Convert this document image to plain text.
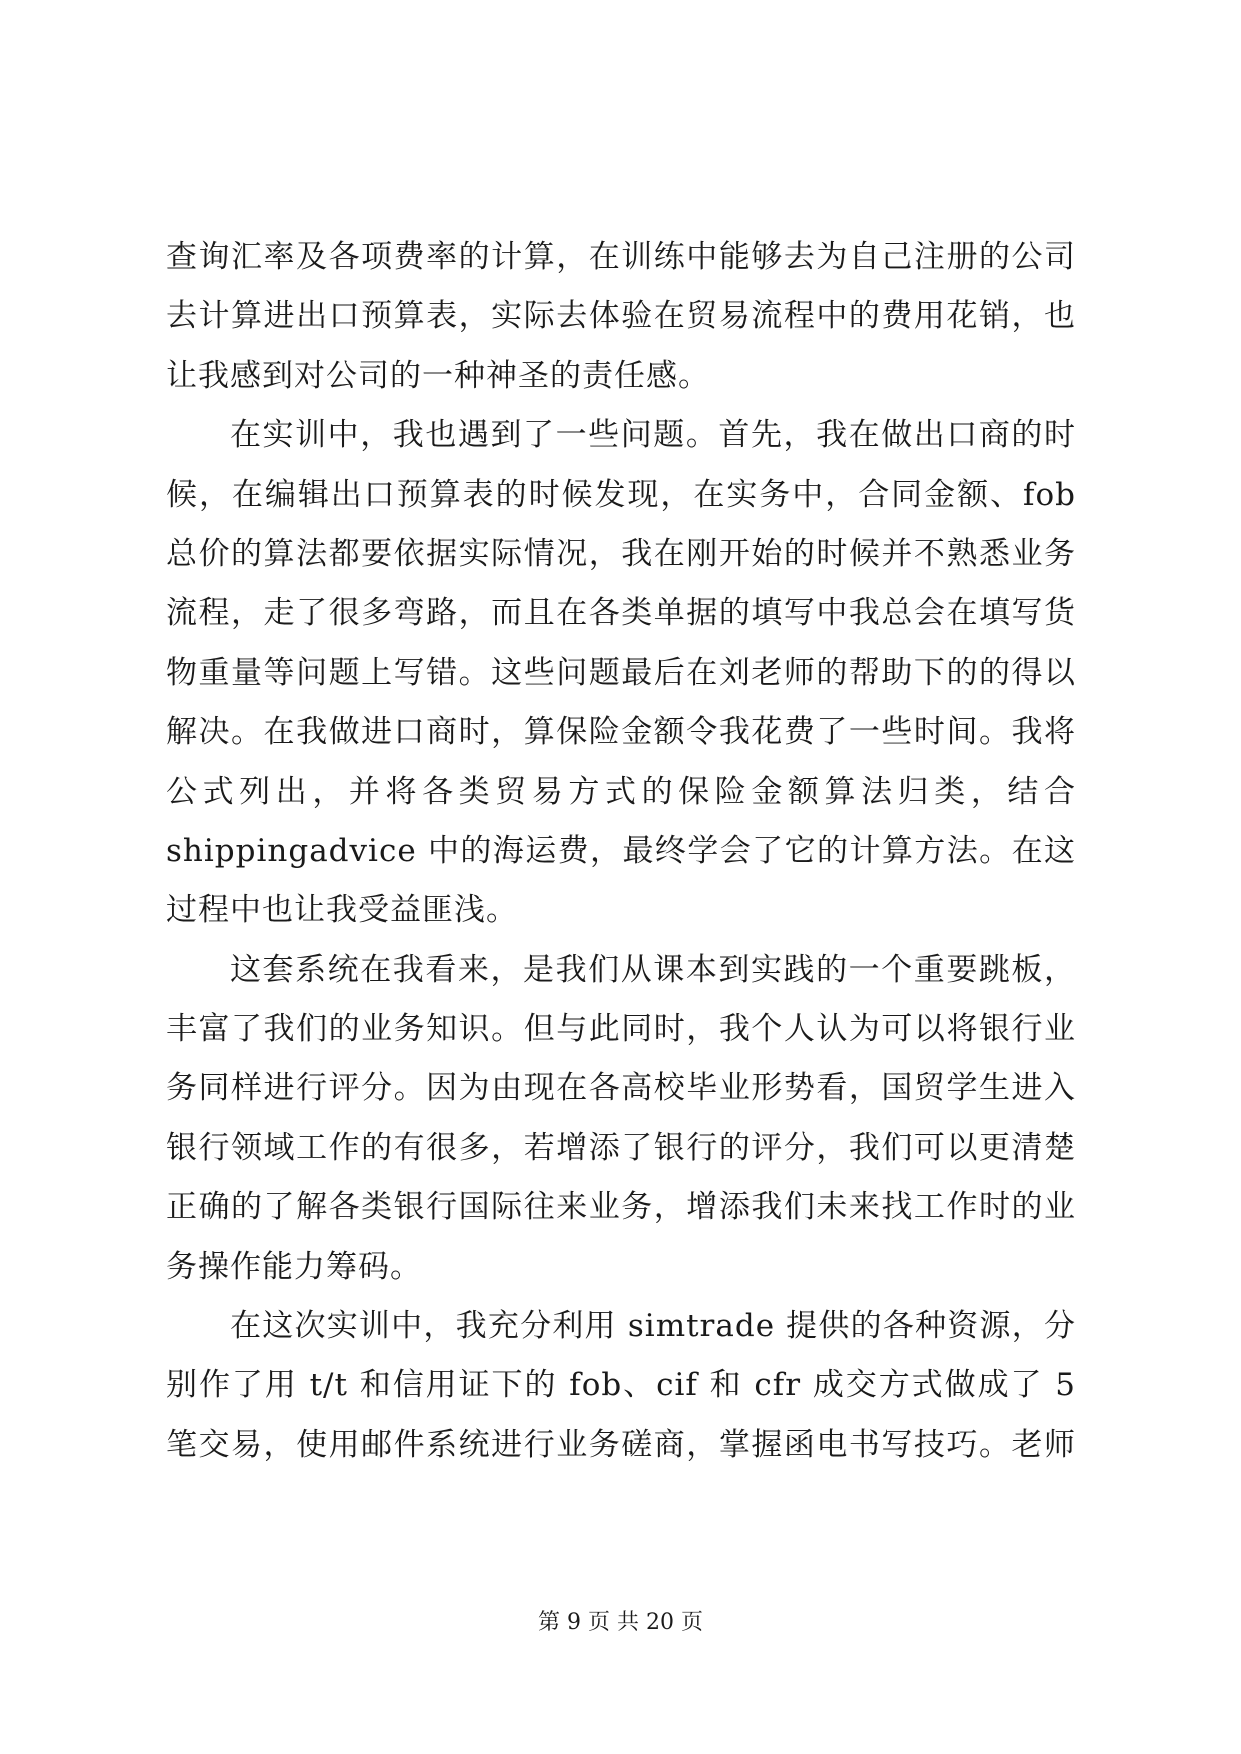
查询汇率及各项费率的计算，在训练中能够去为自己注册的公司
去计算进出口预算表，实际去体验在贸易流程中的费用花销，也
让我感到对公司的一种神圣的责任感。
在实训中，我也遇到了一些问题。首先，我在做出口商的时
候，在编辑出口预算表的时候发现，在实务中，合同金额、fob
总价的算法都要依据实际情况，我在刚开始的时候并不熟悉业务
流程，走了很多弯路，而且在各类单据的填写中我总会在填写货
物重量等问题上写错。这些问题最后在刘老师的帮助下的的得以
解决。在我做进口商时，算保险金额令我花费了一些时间。我将
公式列出，并将各类贸易方式的保险金额算法归类，结合
shippingadvice 中的海运费，最终学会了它的计算方法。在这
过程中也让我受益匪浅。
这套系统在我看来，是我们从课本到实践的一个重要跳板，
丰富了我们的业务知识。但与此同时，我个人认为可以将银行业
务同样进行评分。因为由现在各高校毕业形势看，国贸学生进入
银行领域工作的有很多，若增添了银行的评分，我们可以更清楚
正确的了解各类银行国际往来业务，增添我们未来找工作时的业
务操作能力筹码。
在这次实训中，我充分利用 simtrade 提供的各种资源，分
别作了用 t/t 和信用证下的 fob、cif 和 cfr 成交方式做成了 5
笔交易，使用邮件系统进行业务磋商，掌握函电书写技巧。老师
第 9 页 共 20 页
